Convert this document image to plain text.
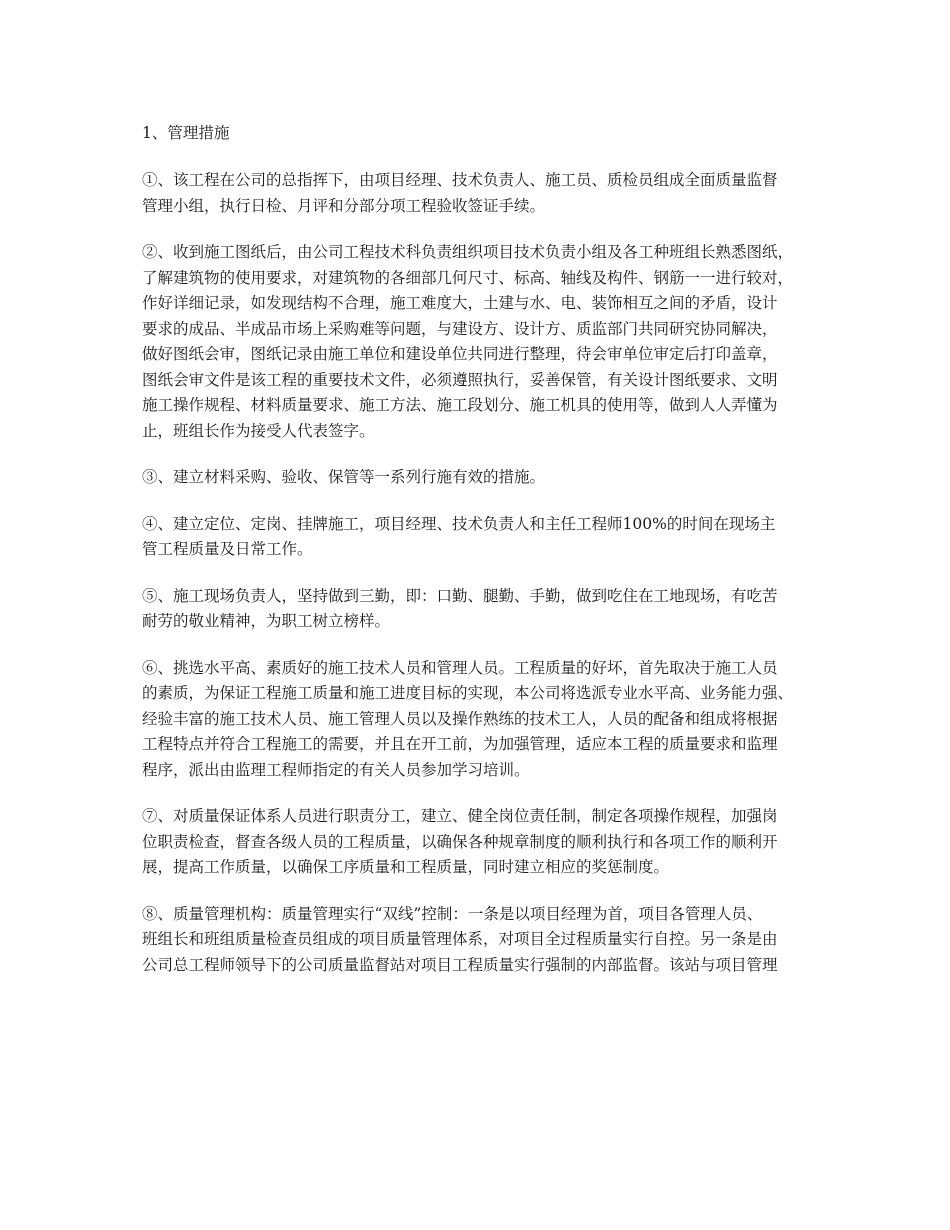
1、管理措施
①、该工程在公司的总指挥下，由项目经理、技术负责人、施工员、质检员组成全面质量监督
管理小组，执行日检、月评和分部分项工程验收签证手续。
②、收到施工图纸后，由公司工程技术科负责组织项目技术负责小组及各工种班组长熟悉图纸，
了解建筑物的使用要求，对建筑物的各细部几何尺寸、标高、轴线及构件、钢筋一一进行较对，
作好详细记录，如发现结构不合理，施工难度大，土建与水、电、装饰相互之间的矛盾，设计
要求的成品、半成品市场上采购难等问题，与建设方、设计方、质监部门共同研究协同解决，
做好图纸会审，图纸记录由施工单位和建设单位共同进行整理，待会审单位审定后打印盖章，
图纸会审文件是该工程的重要技术文件，必须遵照执行，妥善保管，有关设计图纸要求、文明
施工操作规程、材料质量要求、施工方法、施工段划分、施工机具的使用等，做到人人弄懂为
止，班组长作为接受人代表签字。
③、建立材料采购、验收、保管等一系列行施有效的措施。
④、建立定位、定岗、挂牌施工，项目经理、技术负责人和主任工程师100%的时间在现场主
管工程质量及日常工作。
⑤、施工现场负责人，坚持做到三勤，即：口勤、腿勤、手勤，做到吃住在工地现场，有吃苦
耐劳的敬业精神，为职工树立榜样。
⑥、挑选水平高、素质好的施工技术人员和管理人员。工程质量的好坏，首先取决于施工人员
的素质，为保证工程施工质量和施工进度目标的实现，本公司将选派专业水平高、业务能力强、
经验丰富的施工技术人员、施工管理人员以及操作熟练的技术工人，人员的配备和组成将根据
工程特点并符合工程施工的需要，并且在开工前，为加强管理，适应本工程的质量要求和监理
程序，派出由监理工程师指定的有关人员参加学习培训。
⑦、对质量保证体系人员进行职责分工，建立、健全岗位责任制，制定各项操作规程，加强岗
位职责检查，督查各级人员的工程质量，以确保各种规章制度的顺利执行和各项工作的顺利开
展，提高工作质量，以确保工序质量和工程质量，同时建立相应的奖惩制度。
⑧、质量管理机构：质量管理实行“双线”控制：一条是以项目经理为首，项目各管理人员、
班组长和班组质量检查员组成的项目质量管理体系，对项目全过程质量实行自控。另一条是由
公司总工程师领导下的公司质量监督站对项目工程质量实行强制的内部监督。该站与项目管理
